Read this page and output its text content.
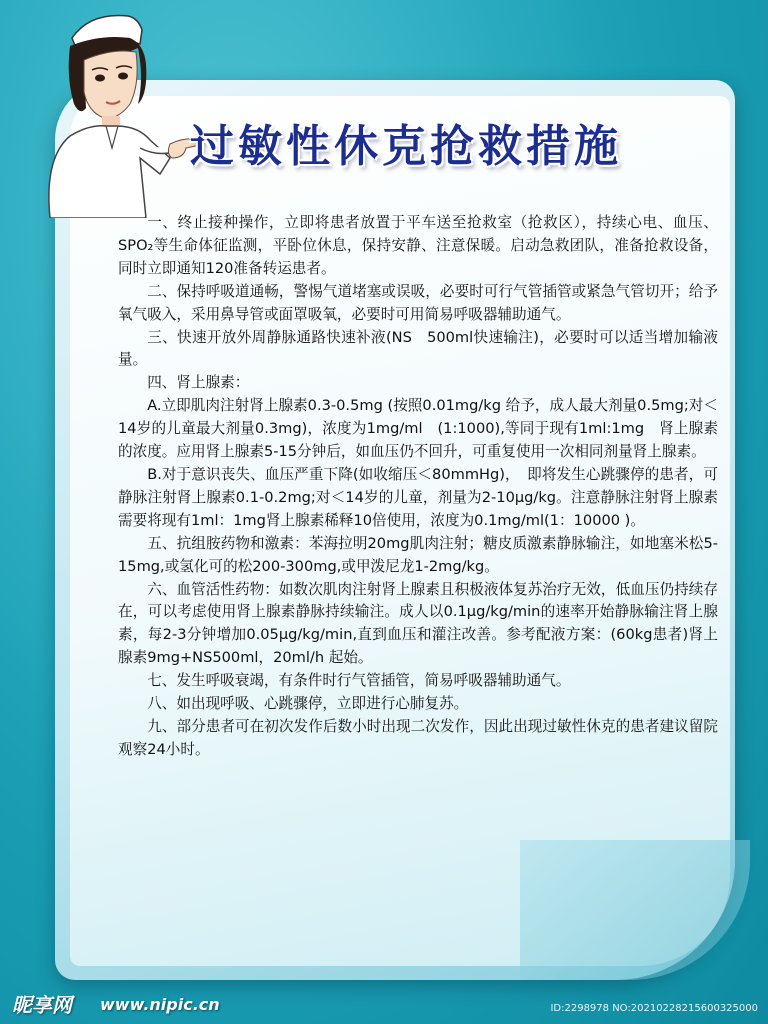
过敏性休克抢救措施

一、终止接种操作，立即将患者放置于平车送至抢救室（抢救区），持续心电、血压、SPO₂等生命体征监测，平卧位休息，保持安静、注意保暖。启动急救团队，准备抢救设备，同时立即通知120准备转运患者。

二、保持呼吸道通畅，警惕气道堵塞或误吸，必要时可行气管插管或紧急气管切开；给予氧气吸入，采用鼻导管或面罩吸氧，必要时可用简易呼吸器辅助通气。

三、快速开放外周静脉通路快速补液(NS　500ml快速输注)，必要时可以适当增加输液量。

四、肾上腺素：

A.立即肌肉注射肾上腺素0.3-0.5mg (按照0.01mg/kg 给予，成人最大剂量0.5mg;对＜14岁的儿童最大剂量0.3mg)，浓度为1mg/ml　(1:1000),等同于现有1ml:1mg　肾上腺素的浓度。应用肾上腺素5-15分钟后，如血压仍不回升，可重复使用一次相同剂量肾上腺素。

B.对于意识丧失、血压严重下降(如收缩压＜80mmHg)，　即将发生心跳骤停的患者，可静脉注射肾上腺素0.1-0.2mg;对＜14岁的儿童，剂量为2-10μg/kg。注意静脉注射肾上腺素需要将现有1ml：1mg肾上腺素稀释10倍使用，浓度为0.1mg/ml(1：10000 )。

五、抗组胺药物和激素：苯海拉明20mg肌肉注射；糖皮质激素静脉输注，如地塞米松5-15mg,或氢化可的松200-300mg,或甲泼尼龙1-2mg/kg。

六、血管活性药物：如数次肌肉注射肾上腺素且积极液体复苏治疗无效，低血压仍持续存在，可以考虑使用肾上腺素静脉持续输注。成人以0.1μg/kg/min的速率开始静脉输注肾上腺素，每2-3分钟增加0.05μg/kg/min,直到血压和灌注改善。参考配液方案：(60kg患者)肾上腺素9mg+NS500ml，20ml/h 起始。

七、发生呼吸衰竭，有条件时行气管插管，简易呼吸器辅助通气。

八、如出现呼吸、心跳骤停，立即进行心肺复苏。

九、部分患者可在初次发作后数小时出现二次发作，因此出现过敏性休克的患者建议留院观察24小时。

昵享网 www.nipic.cn	ID:2298978 NO:20210228215600325000
